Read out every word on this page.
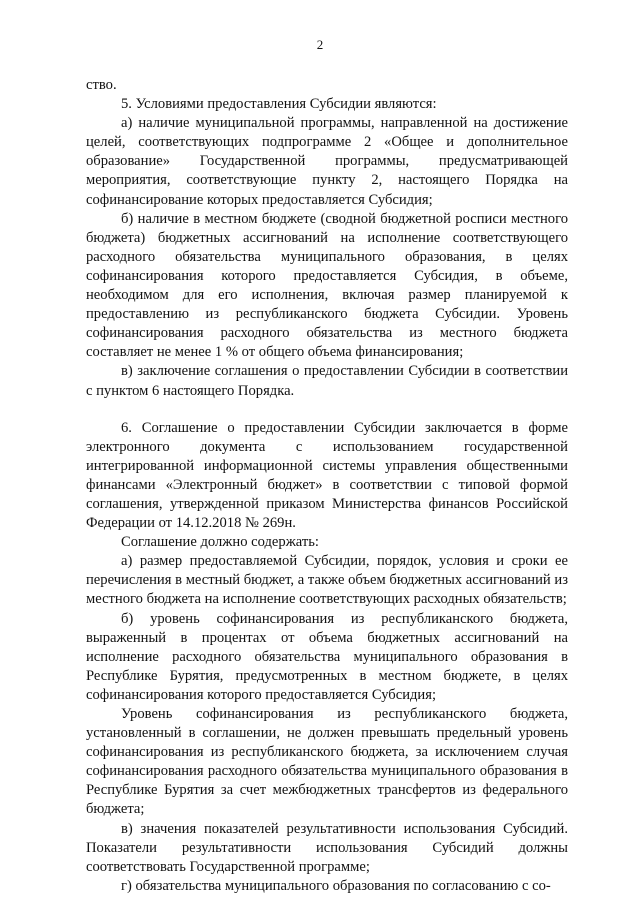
2

ство.

5. Условиями предоставления Субсидии являются:

а) наличие муниципальной программы, направленной на достижение целей, соответствующих подпрограмме 2 «Общее и дополнительное образование» Государственной программы, предусматривающей мероприятия, соответствующие пункту 2, настоящего Порядка на софинансирование которых предоставляется Субсидия;

б) наличие в местном бюджете (сводной бюджетной росписи местного бюджета) бюджетных ассигнований на исполнение соответствующего расходного обязательства муниципального образования, в целях софинансирования которого предоставляется Субсидия, в объеме, необходимом для его исполнения, включая размер планируемой к предоставлению из республиканского бюджета Субсидии. Уровень софинансирования расходного обязательства из местного бюджета составляет не менее 1 % от общего объема финансирования;

в) заключение соглашения о предоставлении Субсидии в соответствии с пунктом 6 настоящего Порядка.

6. Соглашение о предоставлении Субсидии заключается в форме электронного документа с использованием государственной интегрированной информационной системы управления общественными финансами «Электронный бюджет» в соответствии с типовой формой соглашения, утвержденной приказом Министерства финансов Российской Федерации от 14.12.2018 № 269н.

Соглашение должно содержать:

а) размер предоставляемой Субсидии, порядок, условия и сроки ее перечисления в местный бюджет, а также объем бюджетных ассигнований из местного бюджета на исполнение соответствующих расходных обязательств;

б) уровень софинансирования из республиканского бюджета, выраженный в процентах от объема бюджетных ассигнований на исполнение расходного обязательства муниципального образования в Республике Бурятия, предусмотренных в местном бюджете, в целях софинансирования которого предоставляется Субсидия;

Уровень софинансирования из республиканского бюджета, установленный в соглашении, не должен превышать предельный уровень софинансирования из республиканского бюджета, за исключением случая софинансирования расходного обязательства муниципального образования в Республике Бурятия за счет межбюджетных трансфертов из федерального бюджета;

в) значения показателей результативности использования Субсидий. Показатели результативности использования Субсидий должны соответствовать Государственной программе;

г) обязательства муниципального образования по согласованию с со-
